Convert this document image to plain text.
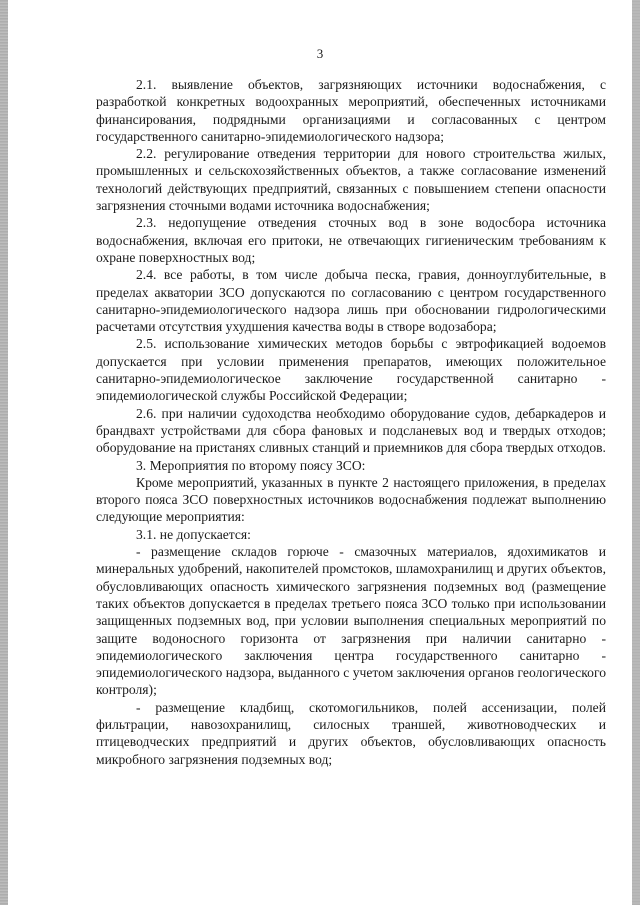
3

2.1. выявление объектов, загрязняющих источники водоснабжения, с разработкой конкретных водоохранных мероприятий, обеспеченных источниками финансирования, подрядными организациями и согласованных с центром государственного санитарно-эпидемиологического надзора;

2.2. регулирование отведения территории для нового строительства жилых, промышленных и сельскохозяйственных объектов, а также согласование изменений технологий действующих предприятий, связанных с повышением степени опасности загрязнения сточными водами источника водоснабжения;

2.3. недопущение отведения сточных вод в зоне водосбора источника водоснабжения, включая его притоки, не отвечающих гигиеническим требованиям к охране поверхностных вод;

2.4. все работы, в том числе добыча песка, гравия, донноуглубительные, в пределах акватории ЗСО допускаются по согласованию с центром государственного санитарно-эпидемиологического надзора лишь при обосновании гидрологическими расчетами отсутствия ухудшения качества воды в створе водозабора;

2.5. использование химических методов борьбы с эвтрофикацией водоемов допускается при условии применения препаратов, имеющих положительное санитарно-эпидемиологическое заключение государственной санитарно - эпидемиологической службы Российской Федерации;

2.6. при наличии судоходства необходимо оборудование судов, дебаркадеров и брандвахт устройствами для сбора фановых и подсланевых вод и твердых отходов; оборудование на пристанях сливных станций и приемников для сбора твердых отходов.

3. Мероприятия по второму поясу ЗСО:

Кроме мероприятий, указанных в пункте 2 настоящего приложения, в пределах второго пояса ЗСО поверхностных источников водоснабжения подлежат выполнению следующие мероприятия:

3.1. не допускается:

- размещение складов горюче - смазочных материалов, ядохимикатов и минеральных удобрений, накопителей промстоков, шламохранилищ и других объектов, обусловливающих опасность химического загрязнения подземных вод (размещение таких объектов допускается в пределах третьего пояса ЗСО только при использовании защищенных подземных вод, при условии выполнения специальных мероприятий по защите водоносного горизонта от загрязнения при наличии санитарно - эпидемиологического заключения центра государственного санитарно - эпидемиологического надзора, выданного с учетом заключения органов геологического контроля);

- размещение кладбищ, скотомогильников, полей ассенизации, полей фильтрации, навозохранилищ, силосных траншей, животноводческих и птицеводческих предприятий и других объектов, обусловливающих опасность микробного загрязнения подземных вод;
